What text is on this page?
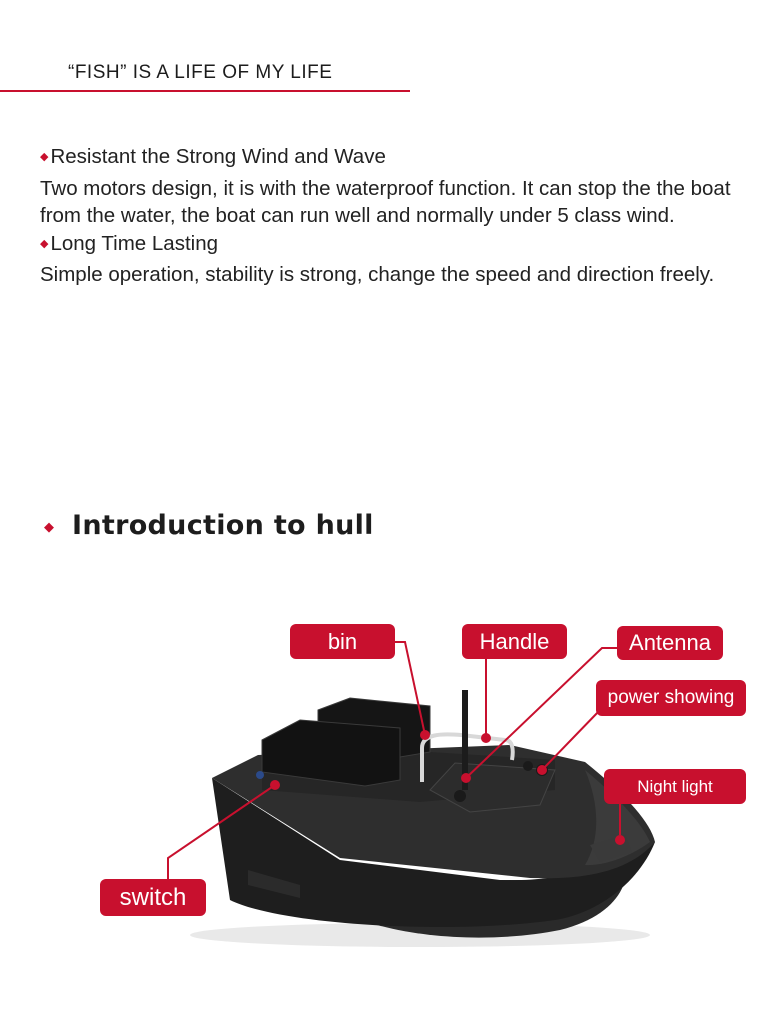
“FISH” IS A LIFE OF MY LIFE

◆Resistant the Strong Wind and Wave

Two motors design, it is with the waterproof function. It can stop the the boat from the water, the boat can run well and normally under 5 class wind.

◆Long Time Lasting

Simple operation, stability is strong, change the speed and direction freely.

◆ Introduction to hull
bin	Handle	Antenna
power showing
Night light
switch
